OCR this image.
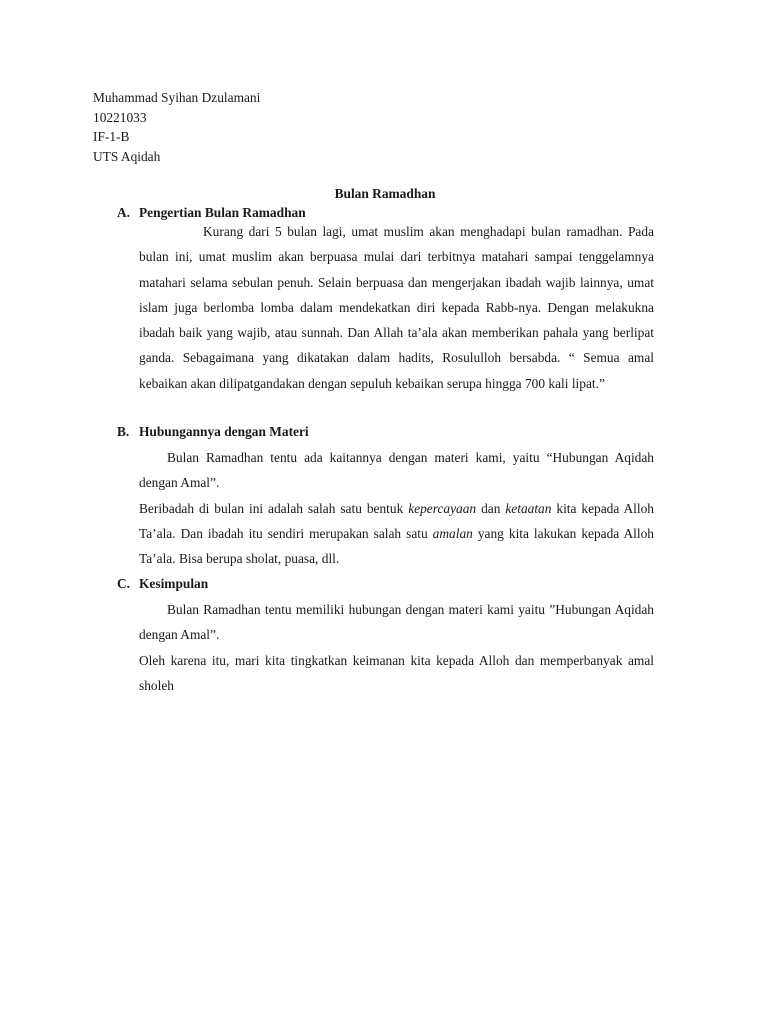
Muhammad Syihan Dzulamani
10221033
IF-1-B
UTS Aqidah
Bulan Ramadhan
A. Pengertian Bulan Ramadhan

Kurang dari 5 bulan lagi, umat muslim akan menghadapi bulan ramadhan. Pada bulan ini, umat muslim akan berpuasa mulai dari terbitnya matahari sampai tenggelamnya matahari selama sebulan penuh. Selain berpuasa dan mengerjakan ibadah wajib lainnya, umat islam juga berlomba lomba dalam mendekatkan diri kepada Rabb-nya. Dengan melakukna ibadah baik yang wajib, atau sunnah. Dan Allah ta’ala akan memberikan pahala yang berlipat ganda. Sebagaimana yang dikatakan dalam hadits, Rosululloh bersabda. “ Semua amal kebaikan akan dilipatgandakan dengan sepuluh kebaikan serupa hingga 700 kali lipat.”

B. Hubungannya dengan Materi

Bulan Ramadhan tentu ada kaitannya dengan materi kami, yaitu “Hubungan Aqidah dengan Amal”.

Beribadah di bulan ini adalah salah satu bentuk kepercayaan dan ketaatan kita kepada Alloh Ta’ala. Dan ibadah itu sendiri merupakan salah satu amalan yang kita lakukan kepada Alloh Ta’ala. Bisa berupa sholat, puasa, dll.

C. Kesimpulan

Bulan Ramadhan tentu memiliki hubungan dengan materi kami yaitu ”Hubungan Aqidah dengan Amal”.

Oleh karena itu, mari kita tingkatkan keimanan kita kepada Alloh dan memperbanyak amal sholeh
